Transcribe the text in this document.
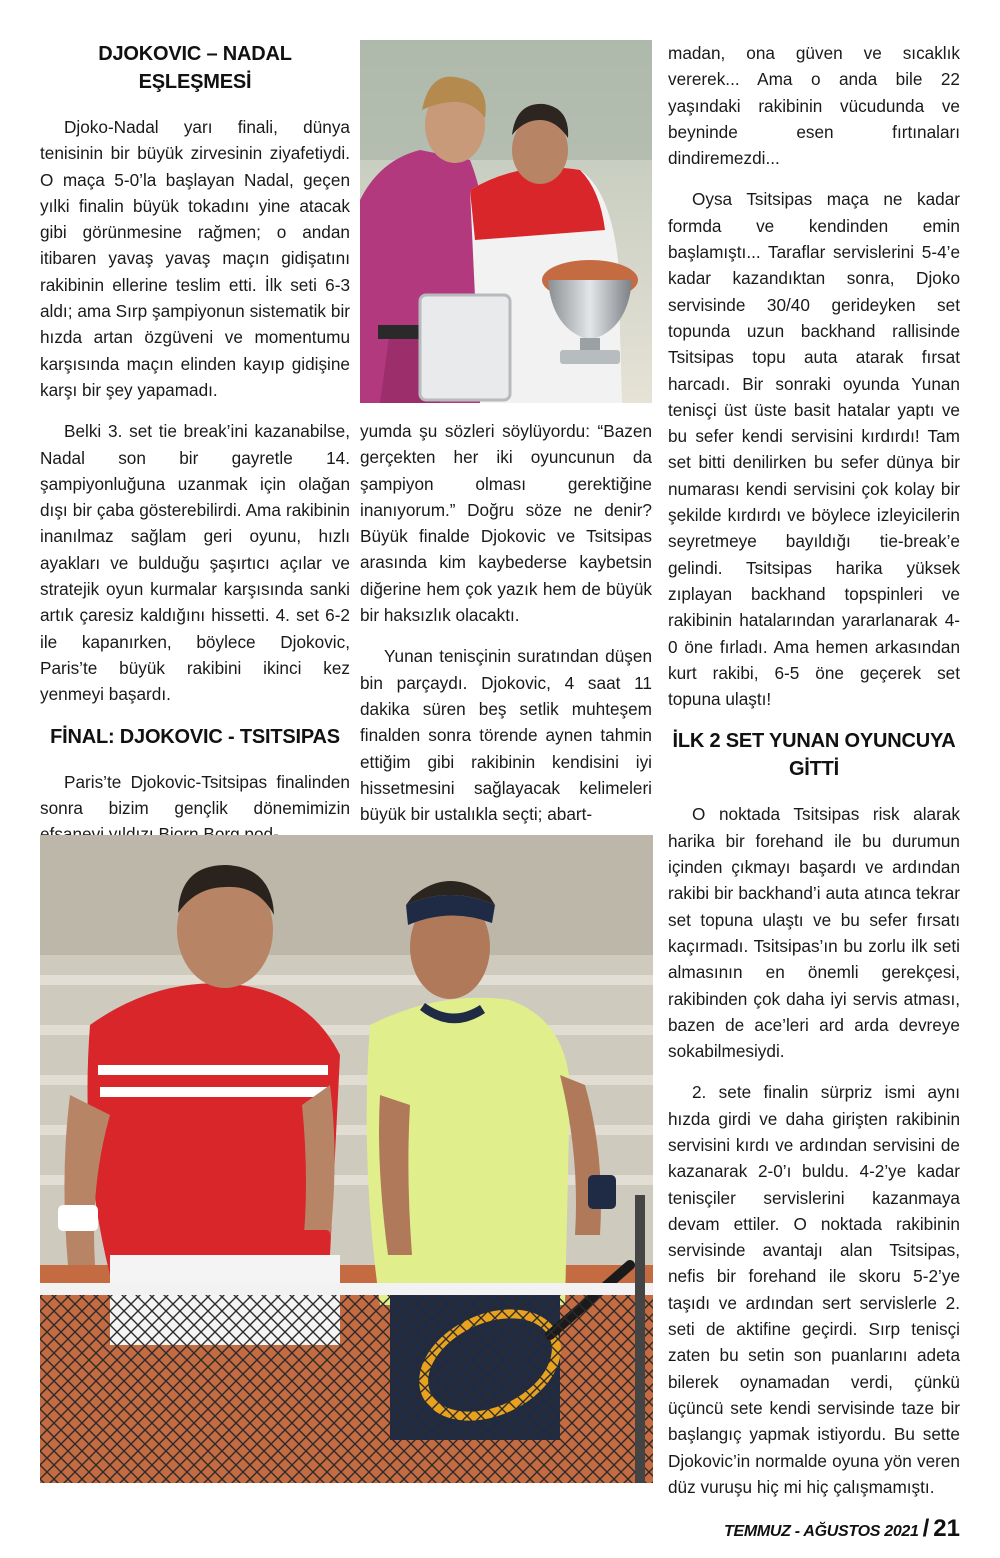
DJOKOVIC – NADAL EŞLEŞMESİ

Djoko-Nadal yarı finali, dünya tenisinin bir büyük zirvesinin ziyafetiydi. O maça 5-0’la başlayan Nadal, geçen yılki finalin büyük tokadını yine atacak gibi görünmesine rağmen; o andan itibaren yavaş yavaş maçın gidişatını rakibinin ellerine teslim etti. İlk seti 6-3 aldı; ama Sırp şampiyonun sistematik bir hızda artan özgüveni ve momentumu karşısında maçın elinden kayıp gidişine karşı bir şey yapamadı.

Belki 3. set tie break’ini kazanabilse, Nadal son bir gayretle 14. şampiyonluğuna uzanmak için olağan dışı bir çaba gösterebilirdi. Ama rakibinin inanılmaz sağlam geri oyunu, hızlı ayakları ve bulduğu şaşırtıcı açılar ve stratejik oyun kurmalar karşısında sanki artık çaresiz kaldığını hissetti. 4. set 6-2 ile kapanırken, böylece Djokovic, Paris’te büyük rakibini ikinci kez yenmeyi başardı.

FİNAL: DJOKOVIC - TSITSIPAS

Paris’te Djokovic-Tsitsipas finalinden sonra bizim gençlik dönemimizin

yumda şu sözleri söylüyordu: “Bazen gerçekten her iki oyuncunun da şampiyon olması gerektiğine inanıyorum.” Doğru söze ne denir? Büyük finalde Djokovic ve Tsitsipas arasında kim kaybederse kaybetsin diğerine hem çok yazık hem de büyük bir haksızlık olacaktı.

Yunan tenisçinin suratından düşen bin parçaydı. Djokovic, 4 saat 11 dakika süren beş setlik muhteşem finalden sonra törende aynen tahmin ettiğim gibi rakibinin kendisini iyi hissetmesini sağlayacak kelimeleri büyük bir ustalıkla seçti; abart-

madan, ona güven ve sıcaklık vererek... Ama o anda bile 22 yaşındaki rakibinin vücudunda ve beyninde esen fırtınaları dindiremezdi...

Oysa Tsitsipas maça ne kadar formda ve kendinden emin başlamıştı... Taraflar servislerini 5-4’e kadar kazandıktan sonra, Djoko servisinde 30/40 gerideyken set topunda uzun backhand rallisinde Tsitsipas topu auta atarak fırsat harcadı. Bir sonraki oyunda Yunan tenisçi üst üste basit hatalar yaptı ve bu sefer kendi servisini kırdırdı! Tam set bitti denilirken bu sefer dünya bir numarası kendi servisini çok kolay bir şekilde kırdırdı ve böylece izleyicilerin seyretmeye bayıldığı tie-break’e gelindi. Tsitsipas harika yüksek zıplayan backhand topspinleri ve rakibinin hatalarından yararlanarak 4-0 öne fırladı. Ama hemen arkasından kurt rakibi, 6-5 öne geçerek set topuna ulaştı!

İLK 2 SET YUNAN OYUNCUYA GİTTİ

O noktada Tsitsipas risk alarak harika bir forehand ile bu durumun içinden çıkmayı başardı ve ardından rakibi bir backhand’i auta atınca tekrar set topuna ulaştı ve bu sefer fırsatı kaçırmadı. Tsitsipas’ın bu zorlu ilk seti almasının en önemli gerekçesi, rakibinden çok daha iyi servis atması, bazen de ace’leri ard arda devreye sokabilmesiydi.

2. sete finalin sürpriz ismi aynı hızda girdi ve daha girişten rakibinin servisini kırdı ve ardından servisini de kazanarak 2-0’ı buldu. 4-2’ye kadar tenisçiler servislerini kazanmaya devam ettiler. O noktada rakibinin servisinde avantajı alan Tsitsipas, nefis bir forehand ile skoru 5-2’ye taşıdı ve ardından sert servislerle 2. seti de aktifine geçirdi. Sırp tenisçi zaten bu setin son puanlarını adeta bilerek oynamadan verdi, çünkü üçüncü sete kendi servisinde taze bir başlangıç yapmak istiyordu. Bu sette Djokovic’in normalde oyuna yön veren düz vuruşu hiç mi hiç çalışmamıştı.

TEMMUZ - AĞUSTOS 2021 / 21
